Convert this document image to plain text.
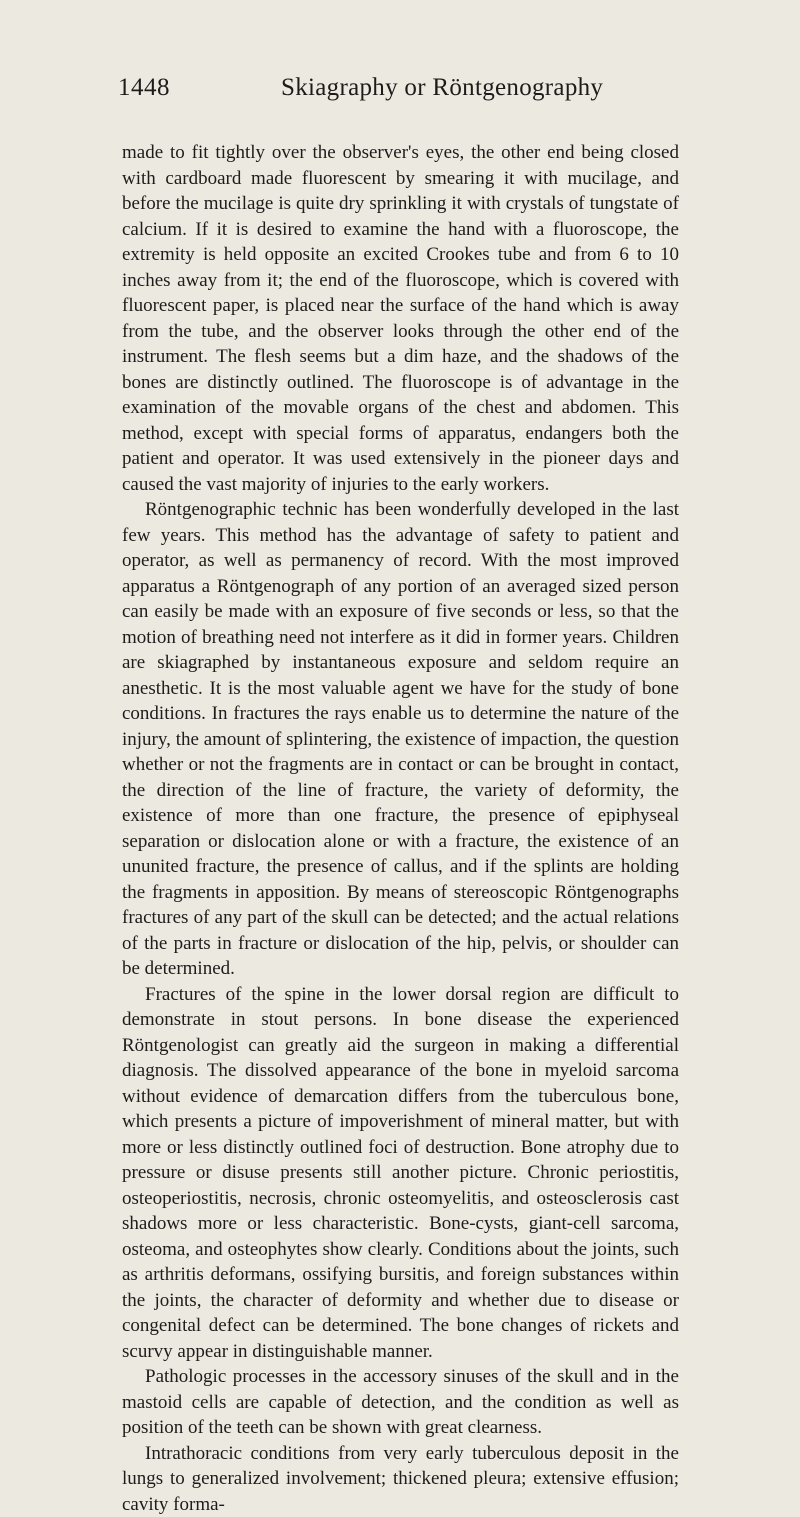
1448	Skiagraphy or Röntgenography

made to fit tightly over the observer's eyes, the other end being closed with cardboard made fluorescent by smearing it with mucilage, and before the mucilage is quite dry sprinkling it with crystals of tungstate of calcium. If it is desired to examine the hand with a fluoroscope, the extremity is held opposite an excited Crookes tube and from 6 to 10 inches away from it; the end of the fluoroscope, which is covered with fluorescent paper, is placed near the surface of the hand which is away from the tube, and the observer looks through the other end of the instrument. The flesh seems but a dim haze, and the shadows of the bones are distinctly outlined. The fluoroscope is of advantage in the examination of the movable organs of the chest and abdomen. This method, except with special forms of apparatus, endangers both the patient and operator. It was used extensively in the pioneer days and caused the vast majority of injuries to the early workers.

Röntgenographic technic has been wonderfully developed in the last few years. This method has the advantage of safety to patient and operator, as well as permanency of record. With the most improved apparatus a Röntgenograph of any portion of an averaged sized person can easily be made with an exposure of five seconds or less, so that the motion of breathing need not interfere as it did in former years. Children are skiagraphed by instantaneous exposure and seldom require an anesthetic. It is the most valuable agent we have for the study of bone conditions. In fractures the rays enable us to determine the nature of the injury, the amount of splintering, the existence of impaction, the question whether or not the fragments are in contact or can be brought in contact, the direction of the line of fracture, the variety of deformity, the existence of more than one fracture, the presence of epiphyseal separation or dislocation alone or with a fracture, the existence of an ununited fracture, the presence of callus, and if the splints are holding the fragments in apposition. By means of stereoscopic Röntgenographs fractures of any part of the skull can be detected; and the actual relations of the parts in fracture or dislocation of the hip, pelvis, or shoulder can be determined.

Fractures of the spine in the lower dorsal region are difficult to demonstrate in stout persons. In bone disease the experienced Röntgenologist can greatly aid the surgeon in making a differential diagnosis. The dissolved appearance of the bone in myeloid sarcoma without evidence of demarcation differs from the tuberculous bone, which presents a picture of impoverishment of mineral matter, but with more or less distinctly outlined foci of destruction. Bone atrophy due to pressure or disuse presents still another picture. Chronic periostitis, osteoperiostitis, necrosis, chronic osteomyelitis, and osteosclerosis cast shadows more or less characteristic. Bone-cysts, giant-cell sarcoma, osteoma, and osteophytes show clearly. Conditions about the joints, such as arthritis deformans, ossifying bursitis, and foreign substances within the joints, the character of deformity and whether due to disease or congenital defect can be determined. The bone changes of rickets and scurvy appear in distinguishable manner.

Pathologic processes in the accessory sinuses of the skull and in the mastoid cells are capable of detection, and the condition as well as position of the teeth can be shown with great clearness.

Intrathoracic conditions from very early tuberculous deposit in the lungs to generalized involvement; thickened pleura; extensive effusion; cavity forma-
